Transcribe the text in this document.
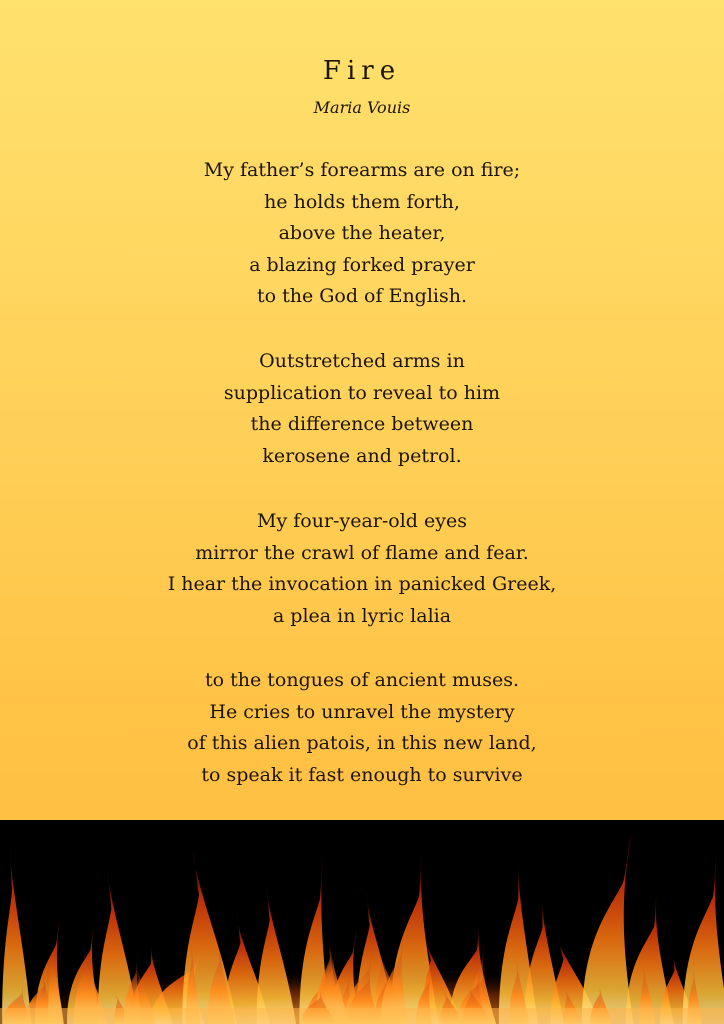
Fire
Maria Vouis
My father’s forearms are on fire;
he holds them forth,
above the heater,
a blazing forked prayer
to the God of English.
Outstretched arms in
supplication to reveal to him
the difference between
kerosene and petrol.
My four-year-old eyes
mirror the crawl of flame and fear.
I hear the invocation in panicked Greek,
a plea in lyric lalia
to the tongues of ancient muses.
He cries to unravel the mystery
of this alien patois, in this new land,
to speak it fast enough to survive
